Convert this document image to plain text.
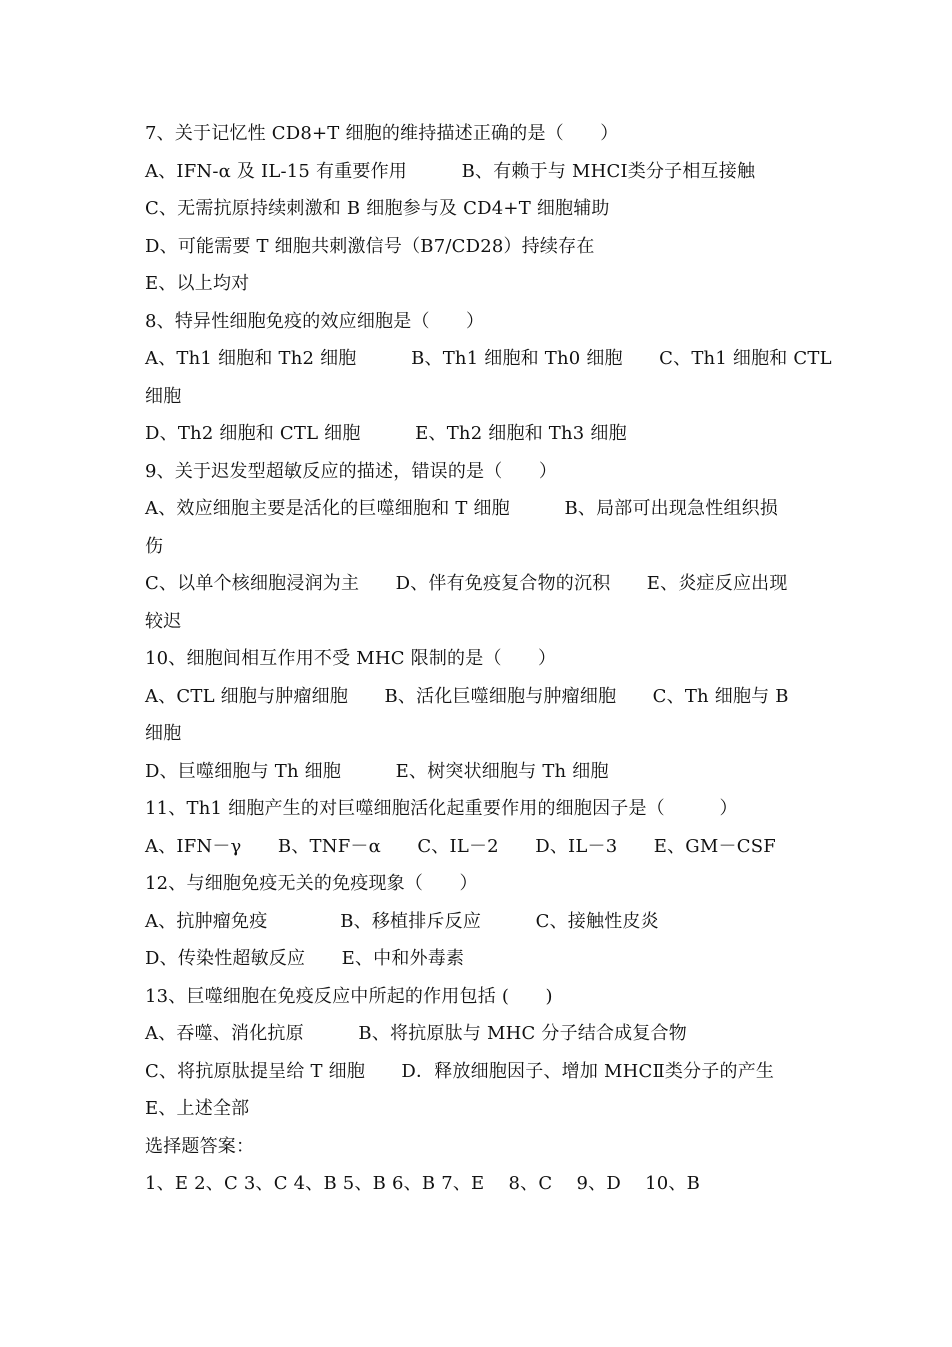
7、关于记忆性 CD8+T 细胞的维持描述正确的是（　　）
A、IFN-α 及 IL-15 有重要作用　　　B、有赖于与 MHCⅠ类分子相互接触
C、无需抗原持续刺激和 B 细胞参与及 CD4+T 细胞辅助
D、可能需要 T 细胞共刺激信号（B7/CD28）持续存在
E、以上均对
8、特异性细胞免疫的效应细胞是（　　）
A、Th1 细胞和 Th2 细胞　　　B、Th1 细胞和 Th0 细胞　　C、Th1 细胞和 CTL
细胞
D、Th2 细胞和 CTL 细胞　　　E、Th2 细胞和 Th3 细胞
9、关于迟发型超敏反应的描述，错误的是（　　）
A、效应细胞主要是活化的巨噬细胞和 T 细胞　　　B、局部可出现急性组织损
伤
C、以单个核细胞浸润为主　　D、伴有免疫复合物的沉积　　E、炎症反应出现
较迟
10、细胞间相互作用不受 MHC 限制的是（　　）
A、CTL 细胞与肿瘤细胞　　B、活化巨噬细胞与肿瘤细胞　　C、Th 细胞与 B
细胞
D、巨噬细胞与 Th 细胞　　　E、树突状细胞与 Th 细胞
11、Th1 细胞产生的对巨噬细胞活化起重要作用的细胞因子是（　　　）
A、IFN－γ　　B、TNF－α　　C、IL－2　　D、IL－3　　E、GM－CSF
12、与细胞免疫无关的免疫现象（　　）
A、抗肿瘤免疫　　　　B、移植排斥反应　　　C、接触性皮炎
D、传染性超敏反应　　E、中和外毒素
13、巨噬细胞在免疫反应中所起的作用包括 (　　)
A、吞噬、消化抗原　　　B、将抗原肽与 MHC 分子结合成复合物
C、将抗原肽提呈给 T 细胞　　D．释放细胞因子、增加 MHCⅡ类分子的产生
E、上述全部
选择题答案：
1、E 2、C 3、C 4、B 5、B 6、B 7、E　 8、C　 9、D　 10、B
